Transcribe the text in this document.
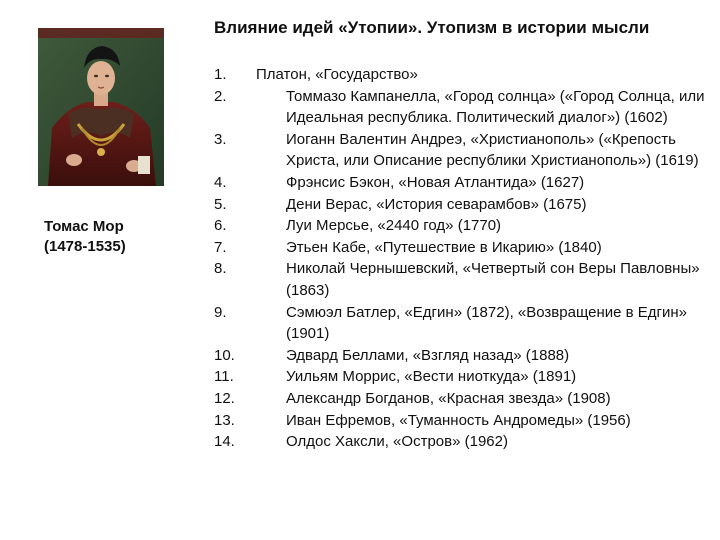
Влияние идей «Утопии». Утопизм в истории мысли
Томас Мор
(1478-1535)
1.	Платон, «Государство»
2.	Томмазо Кампанелла, «Город солнца» («Город Солнца, или Идеальная республика. Политический диалог») (1602)
3.	Иоганн Валентин Андреэ, «Христианополь» («Крепость Христа, или Описание республики Христианополь») (1619)
4.	Фрэнсис Бэкон, «Новая Атлантида» (1627)
5.	Дени Верас, «История севарамбов» (1675)
6.	Луи Мерсье, «2440 год» (1770)
7.	Этьен Кабе, «Путешествие в Икарию» (1840)
8.	Николай Чернышевский, «Четвертый сон Веры Павловны» (1863)
9.	Сэмюэл Батлер, «Едгин» (1872), «Возвращение в Едгин» (1901)
10.	Эдвард Беллами, «Взгляд назад» (1888)
11.	Уильям Моррис, «Вести ниоткуда» (1891)
12.	Александр Богданов, «Красная звезда» (1908)
13.	Иван Ефремов, «Туманность Андромеды» (1956)
14.	Олдос Хаксли, «Остров» (1962)
